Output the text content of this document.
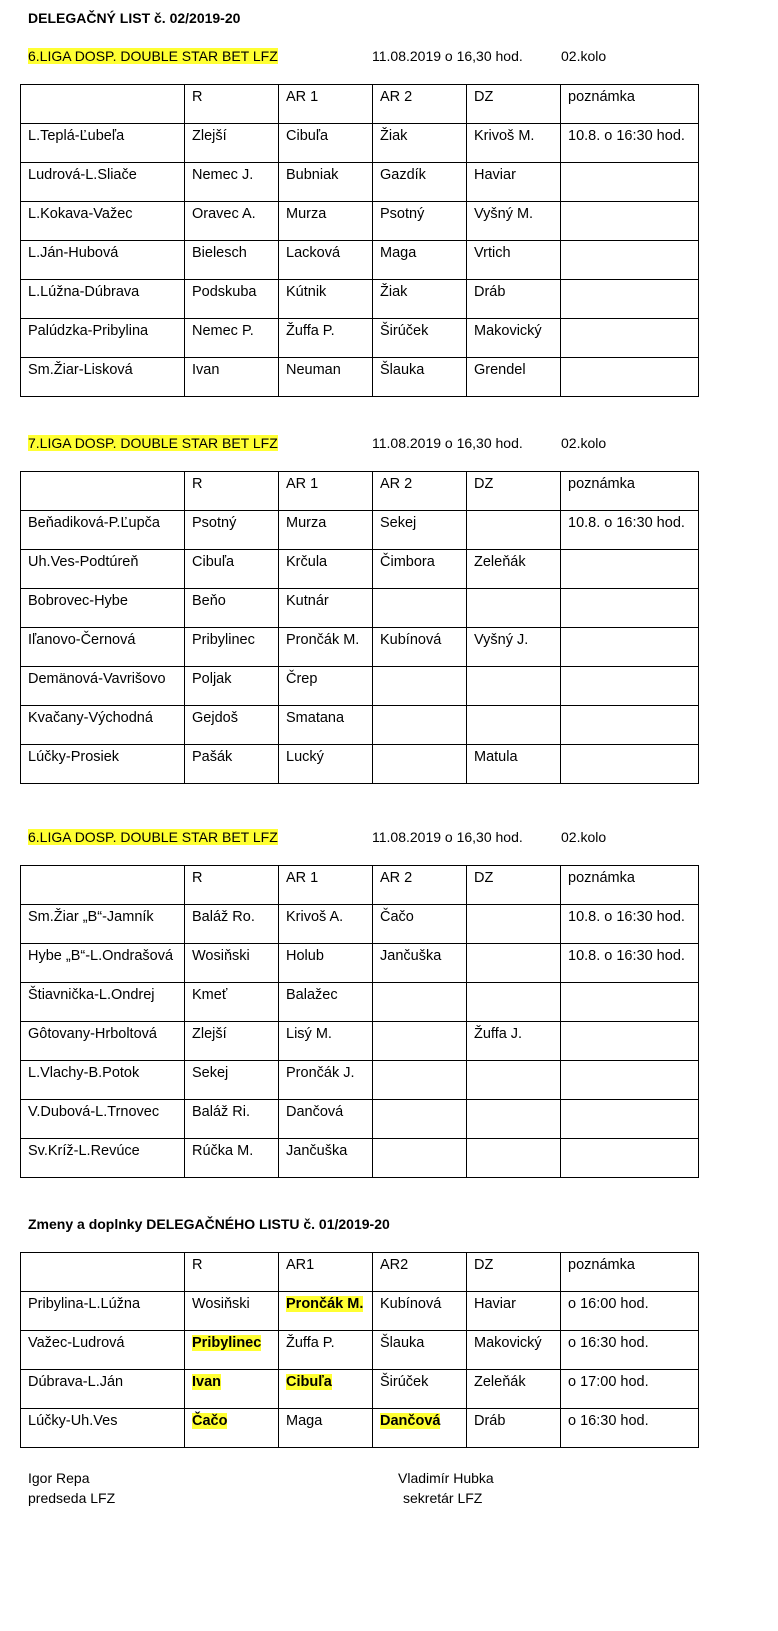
DELEGAČNÝ LIST č. 02/2019-20
6.LIGA DOSP. DOUBLE STAR BET LFZ	11.08.2019 o 16,30 hod.	02.kolo
	R	AR 1	AR 2	DZ	poznámka
L.Teplá-Ľubeľa	Zlejší	Cibuľa	Žiak	Krivoš M.	10.8. o 16:30 hod.
Ludrová-L.Sliače	Nemec J.	Bubniak	Gazdík	Haviar	
L.Kokava-Važec	Oravec A.	Murza	Psotný	Vyšný M.	
L.Ján-Hubová	Bielesch	Lacková	Maga	Vrtich	
L.Lúžna-Dúbrava	Podskuba	Kútnik	Žiak	Dráb	
Palúdzka-Pribylina	Nemec P.	Žuffa P.	Širúček	Makovický	
Sm.Žiar-Lisková	Ivan	Neuman	Šlauka	Grendel	
7.LIGA DOSP. DOUBLE STAR BET LFZ	11.08.2019 o 16,30 hod.	02.kolo
	R	AR 1	AR 2	DZ	poznámka
Beňadiková-P.Ľupča	Psotný	Murza	Sekej		10.8. o 16:30 hod.
Uh.Ves-Podtúreň	Cibuľa	Krčula	Čimbora	Zeleňák	
Bobrovec-Hybe	Beňo	Kutnár			
Iľanovo-Černová	Pribylinec	Prončák M.	Kubínová	Vyšný J.	
Demänová-Vavrišovo	Poljak	Črep			
Kvačany-Východná	Gejdoš	Smatana			
Lúčky-Prosiek	Pašák	Lucký		Matula	
6.LIGA DOSP. DOUBLE STAR BET LFZ	11.08.2019 o 16,30 hod.	02.kolo
	R	AR 1	AR 2	DZ	poznámka
Sm.Žiar „B“-Jamník	Baláž Ro.	Krivoš A.	Čačo		10.8. o 16:30 hod.
Hybe „B“-L.Ondrašová	Wosiňski	Holub	Jančuška		10.8. o 16:30 hod.
Štiavnička-L.Ondrej	Kmeť	Balažec			
Gôtovany-Hrboltová	Zlejší	Lisý M.		Žuffa J.	
L.Vlachy-B.Potok	Sekej	Prončák J.			
V.Dubová-L.Trnovec	Baláž Ri.	Dančová			
Sv.Kríž-L.Revúce	Rúčka M.	Jančuška			
Zmeny a doplnky DELEGAČNÉHO LISTU č. 01/2019-20
	R	AR1	AR2	DZ	poznámka
Pribylina-L.Lúžna	Wosiňski	Prončák M.	Kubínová	Haviar	o 16:00 hod.
Važec-Ludrová	Pribylinec	Žuffa P.	Šlauka	Makovický	o 16:30 hod.
Dúbrava-L.Ján	Ivan	Cibuľa	Širúček	Zeleňák	o 17:00 hod.
Lúčky-Uh.Ves	Čačo	Maga	Dančová	Dráb	o 16:30 hod.
Igor Repa
predseda LFZ
Vladimír Hubka
sekretár LFZ
